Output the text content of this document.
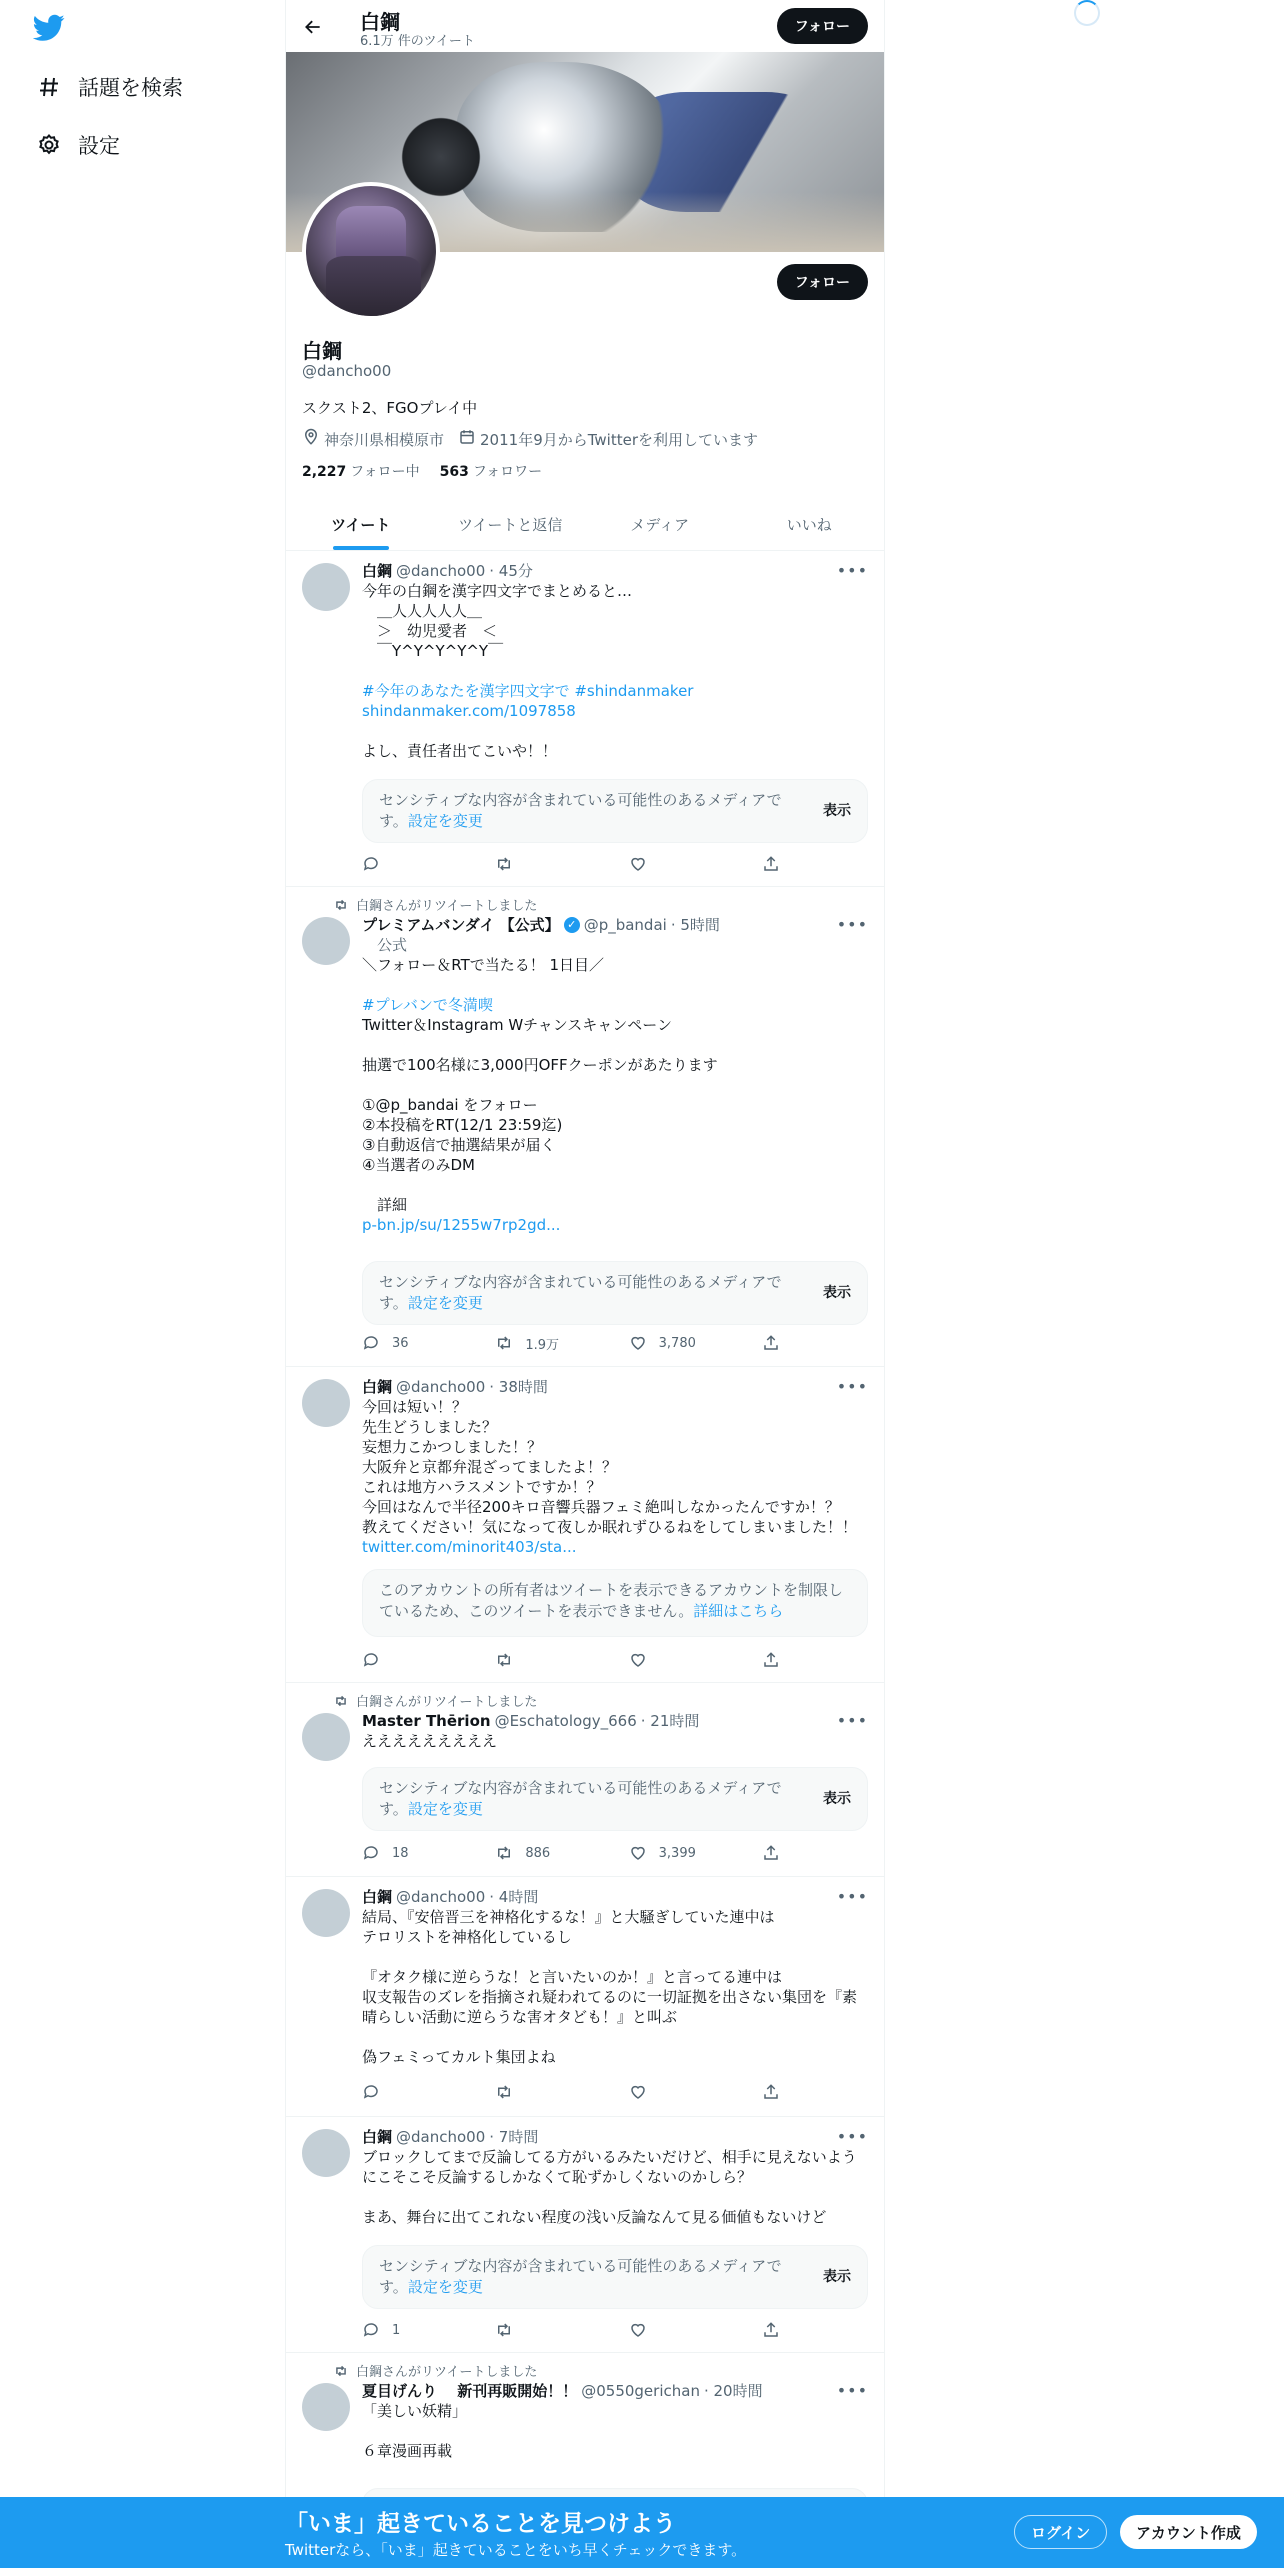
話題を検索
設定
白鋼
6.1万 件のツイート
フォロー
フォロー
白鋼
@dancho00
スクスト2、FGOプレイ中
神奈川県相模原市 2011年9月からTwitterを利用しています
2,227 フォロー中 563 フォロワー
ツイート	ツイートと返信	メディア	いいね
白鋼 @dancho00 · 45分	•••
今年の白鋼を漢字四文字でまとめると…
　＿人人人人人＿
　＞　幼児愛者　＜
　￣Y^Y^Y^Y^Y￣

#今年のあなたを漢字四文字で #shindanmaker
shindanmaker.com/1097858

よし、責任者出てこいや！！
センシティブな内容が含まれている可能性のあるメディアで
す。設定を変更
表示
白鋼さんがリツイートしました
プレミアムバンダイ 【公式】 ✓ @p_bandai · 5時間	•••
　公式
＼フォロー＆RTで当たる！ 1日目／

#プレバンで冬満喫
Twitter＆Instagram Wチャンスキャンペーン

抽選で100名様に3,000円OFFクーポンがあたります

①@p_bandai をフォロー
②本投稿をRT(12/1 23:59迄)
③自動返信で抽選結果が届く
④当選者のみDM

　詳細
p-bn.jp/su/1255w7rp2gd...
センシティブな内容が含まれている可能性のあるメディアで
す。設定を変更
表示
36	1.9万	3,780
白鋼 @dancho00 · 38時間	•••
今回は短い！？
先生どうしました？
妄想力こかつしました！？
大阪弁と京都弁混ざってましたよ！？
これは地方ハラスメントですか！？
今回はなんで半径200キロ音響兵器フェミ絶叫しなかったんですか！？
教えてください！気になって夜しか眠れずひるねをしてしまいました！！
twitter.com/minorit403/sta...
このアカウントの所有者はツイートを表示できるアカウントを制限し
ているため、このツイートを表示できません。詳細はこちら
白鋼さんがリツイートしました
Master Thērion @Eschatology_666 · 21時間	•••
えええええええええ
センシティブな内容が含まれている可能性のあるメディアで
す。設定を変更
表示
18	886	3,399
白鋼 @dancho00 · 4時間	•••
結局、『安倍晋三を神格化するな！』と大騒ぎしていた連中は
テロリストを神格化しているし

『オタク様に逆らうな！と言いたいのか！』と言ってる連中は
収支報告のズレを指摘され疑われてるのに一切証拠を出さない集団を『素
晴らしい活動に逆らうな害オタども！』と叫ぶ

偽フェミってカルト集団よね
白鋼 @dancho00 · 7時間	•••
ブロックしてまで反論してる方がいるみたいだけど、相手に見えないよう
にこそこそ反論するしかなくて恥ずかしくないのかしら？

まあ、舞台に出てこれない程度の浅い反論なんて見る価値もないけど
センシティブな内容が含まれている可能性のあるメディアで
す。設定を変更
表示
1
白鋼さんがリツイートしました
夏目げんり　 新刊再販開始！！ @0550gerichan · 20時間	•••
「美しい妖精」

６章漫画再載
「いま」起きていることを見つけよう
Twitterなら、「いま」起きていることをいち早くチェックできます。
ログイン	アカウント作成
